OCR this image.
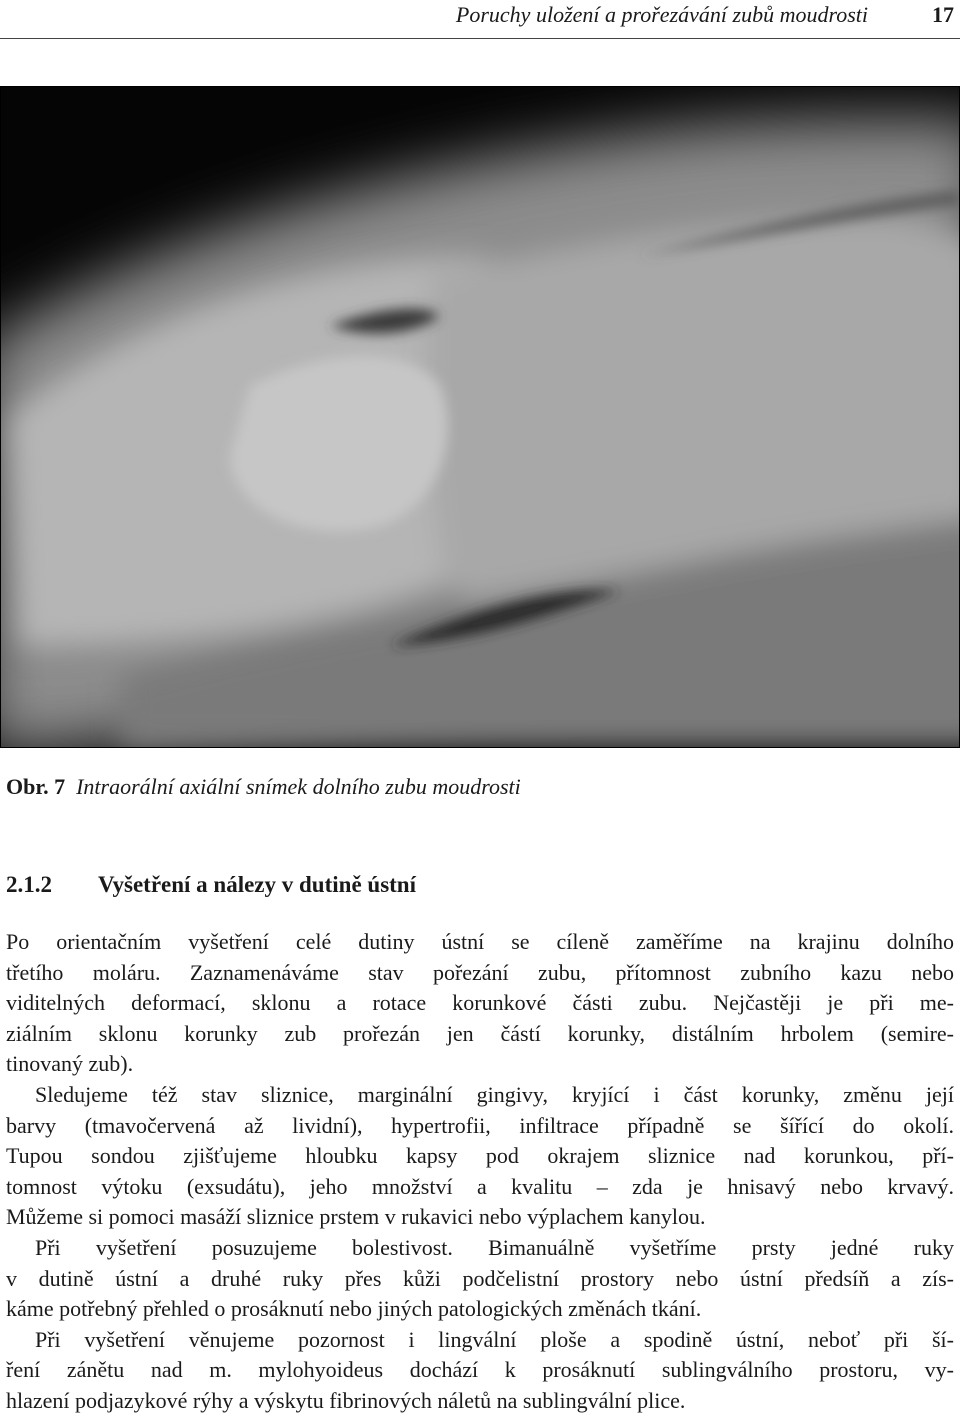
Poruchy uložení a prořezávání zubů moudrosti	17
Obr. 7 Intraorální axiální snímek dolního zubu moudrosti
2.1.2 Vyšetření a nálezy v dutině ústní

Po orientačním vyšetření celé dutiny ústní se cíleně zaměříme na krajinu dolního

třetího moláru. Zaznamenáváme stav pořezání zubu, přítomnost zubního kazu nebo

viditelných deformací, sklonu a rotace korunkové části zubu. Nejčastěji je při me-

ziálním sklonu korunky zub prořezán jen částí korunky, distálním hrbolem (semire-

tinovaný zub).

Sledujeme též stav sliznice, marginální gingivy, kryjící i část korunky, změnu její

barvy (tmavočervená až lividní), hypertrofii, infiltrace případně se šířící do okolí.

Tupou sondou zjišťujeme hloubku kapsy pod okrajem sliznice nad korunkou, pří-

tomnost výtoku (exsudátu), jeho množství a kvalitu – zda je hnisavý nebo krvavý.

Můžeme si pomoci masáží sliznice prstem v rukavici nebo výplachem kanylou.

Při vyšetření posuzujeme bolestivost. Bimanuálně vyšetříme prsty jedné ruky

v dutině ústní a druhé ruky přes kůži podčelistní prostory nebo ústní předsíň a zís-

káme potřebný přehled o prosáknutí nebo jiných patologických změnách tkání.

Při vyšetření věnujeme pozornost i lingvální ploše a spodině ústní, neboť při ší-

ření zánětu nad m. mylohyoideus dochází k prosáknutí sublingválního prostoru, vy-

hlazení podjazykové rýhy a výskytu fibrinových náletů na sublingvální plice.
